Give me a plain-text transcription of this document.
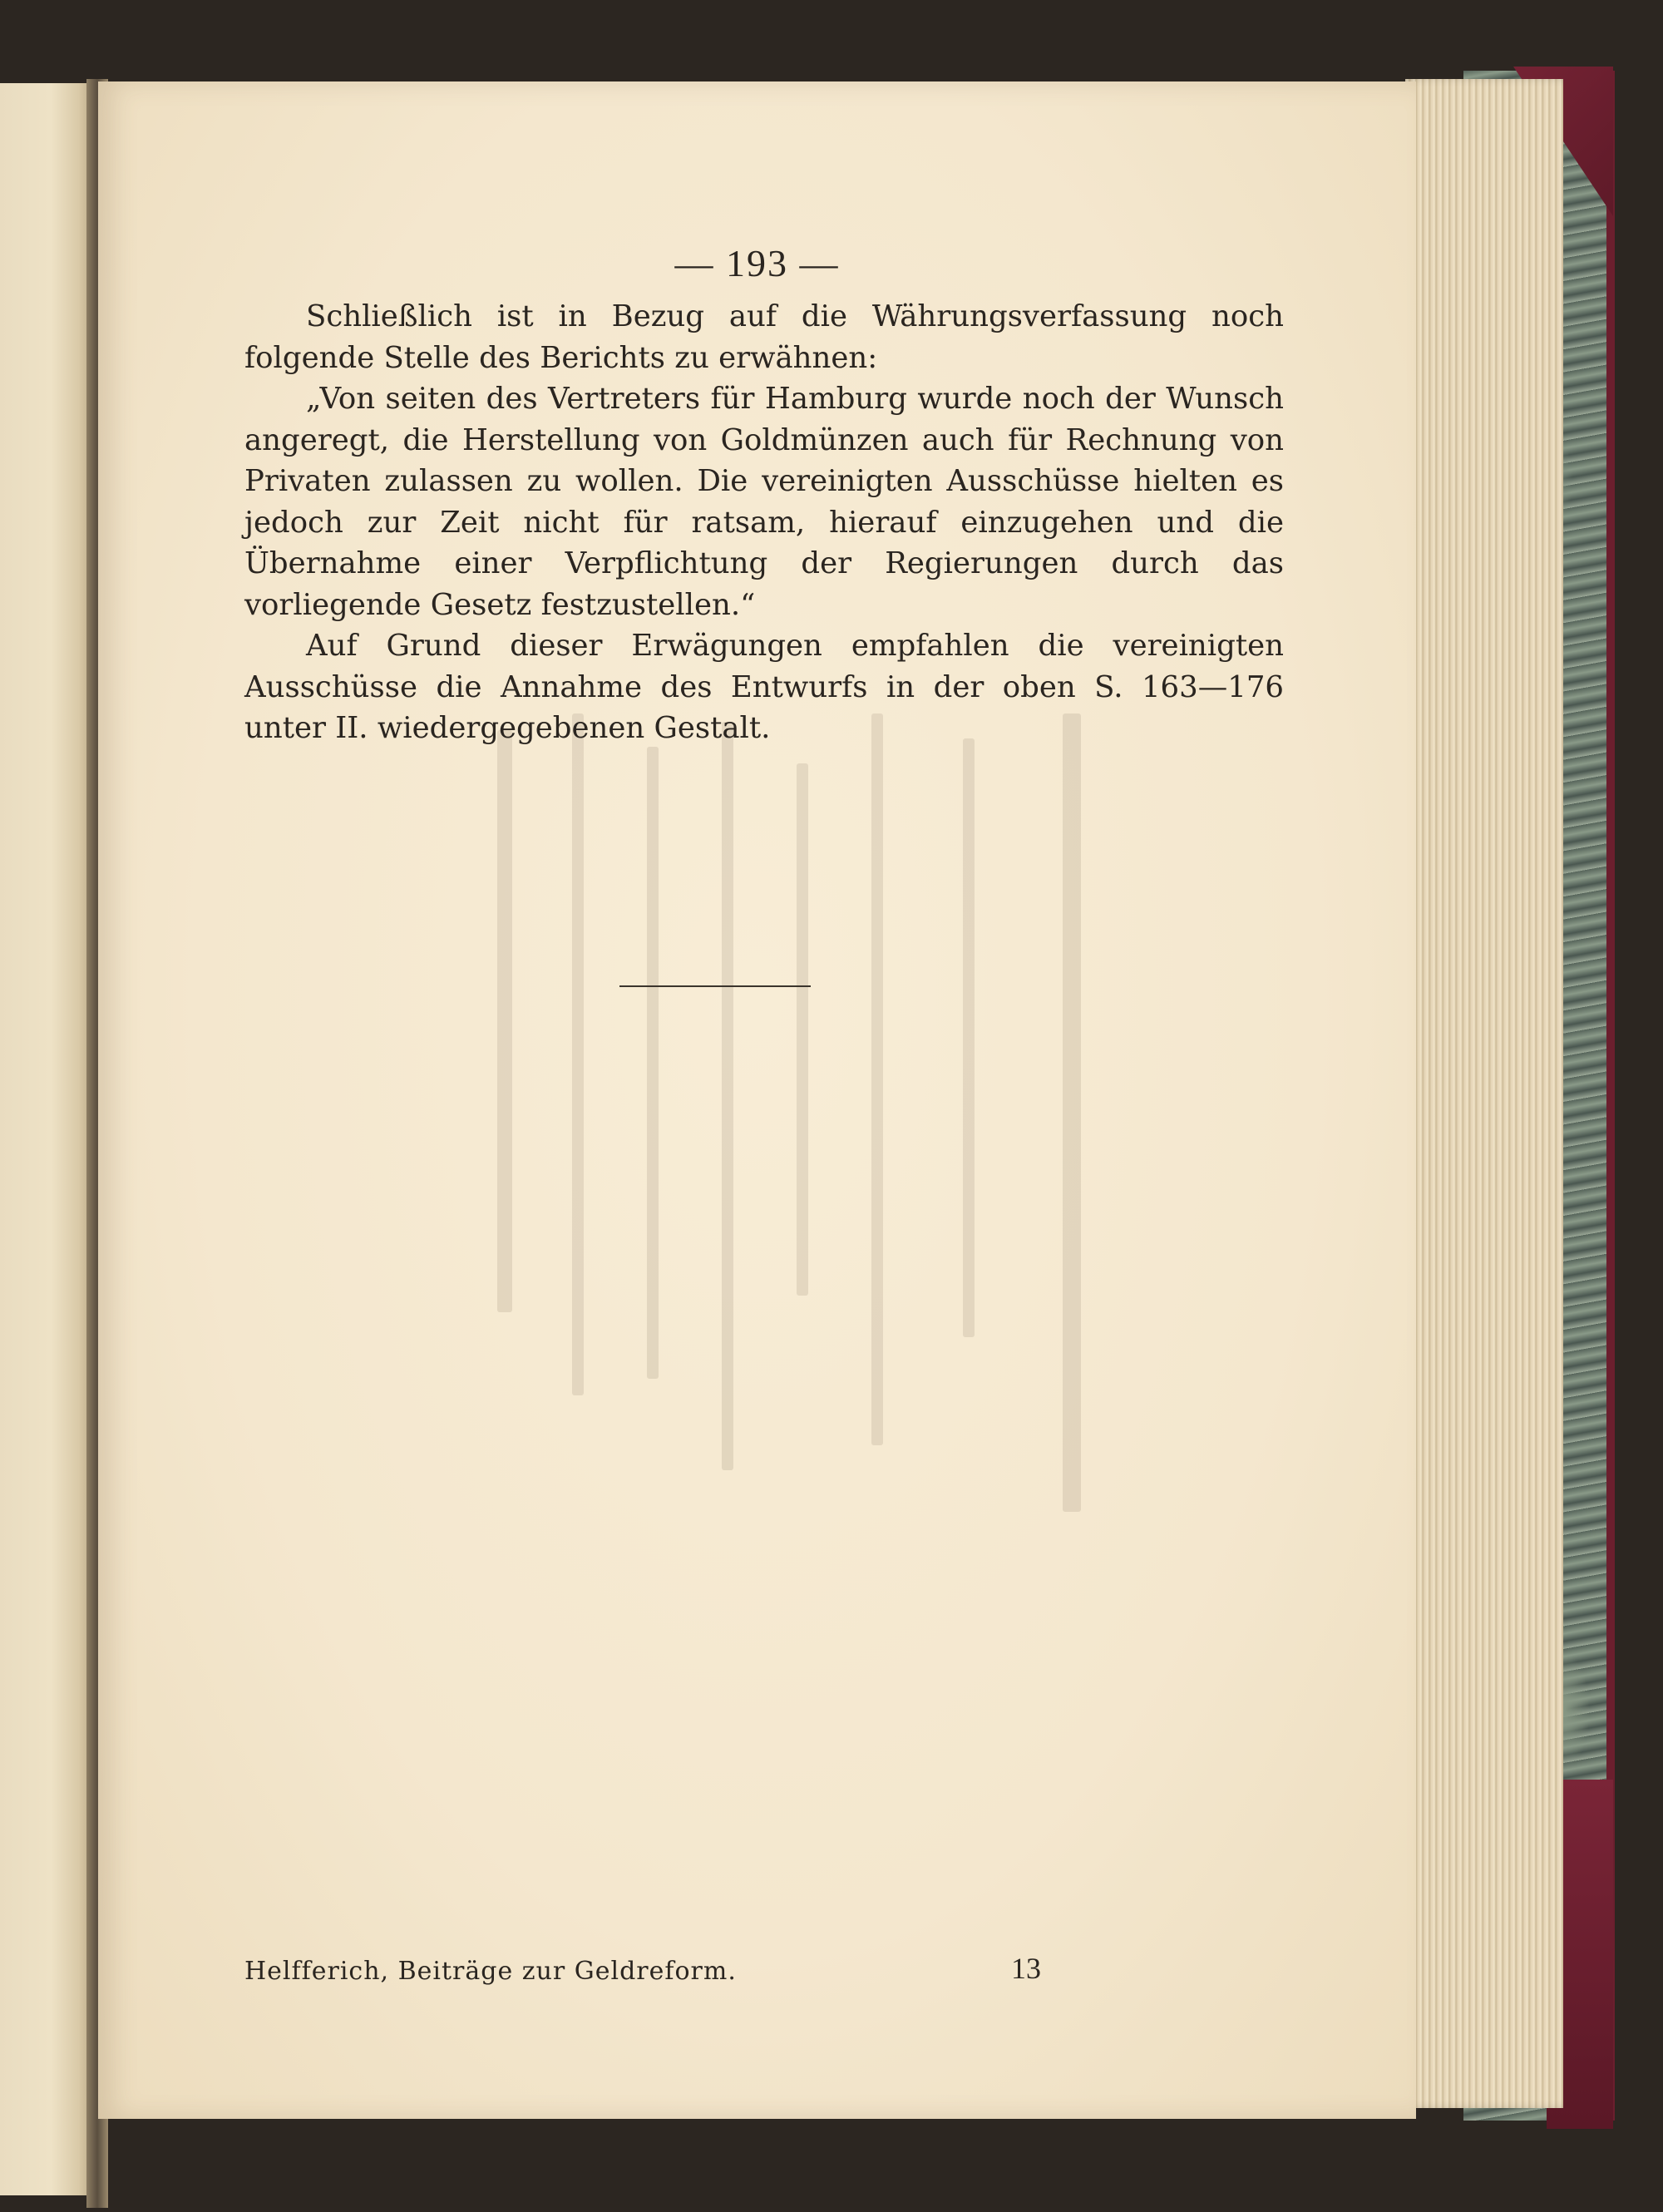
— 193 —

Schließlich ist in Bezug auf die Währungsverfassung noch folgende Stelle des Berichts zu erwähnen:

„Von seiten des Vertreters für Hamburg wurde noch der Wunsch angeregt, die Herstellung von Goldmünzen auch für Rechnung von Privaten zulassen zu wollen. Die vereinigten Ausschüsse hielten es jedoch zur Zeit nicht für ratsam, hierauf einzugehen und die Übernahme einer Verpflichtung der Regierungen durch das vorliegende Gesetz festzustellen.“

Auf Grund dieser Erwägungen empfahlen die vereinigten Ausschüsse die Annahme des Entwurfs in der oben S. 163—176 unter II. wiedergegebenen Gestalt.

Helfferich, Beiträge zur Geldreform.	13
